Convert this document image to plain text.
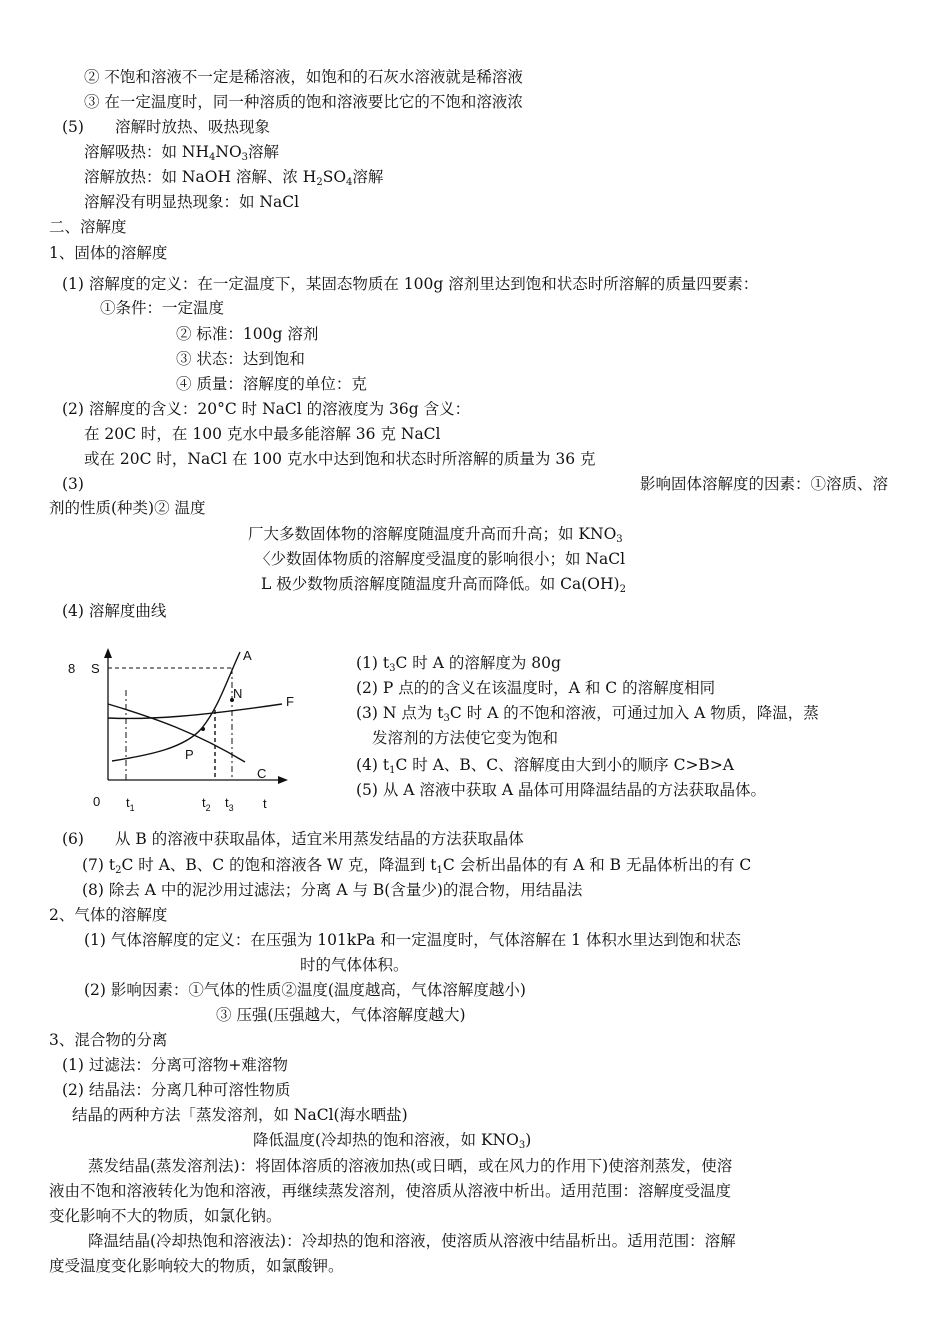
② 不饱和溶液不一定是稀溶液，如饱和的石灰水溶液就是稀溶液
③ 在一定温度时，同一种溶质的饱和溶液要比它的不饱和溶液浓
(5)　　溶解时放热、吸热现象
溶解吸热：如 $NH_4NO_3$溶解
溶解放热：如 NaOH 溶解、浓 $H_2SO_4$溶解
溶解没有明显热现象：如 NaCl
二、溶解度
1、固体的溶解度
(1) 溶解度的定义：在一定温度下，某固态物质在 100g 溶剂里达到饱和状态时所溶解的质量四要素：
①条件：一定温度
② 标准：100g 溶剂
③ 状态：达到饱和
④ 质量：溶解度的单位：克
(2) 溶解度的含义：20°C 时 NaCl 的溶液度为 36g 含义：
在 20C 时，在 100 克水中最多能溶解 36 克 NaCl
或在 20C 时，NaCl 在 100 克水中达到饱和状态时所溶解的质量为 36 克
(3)	影响固体溶解度的因素：①溶质、溶
剂的性质(种类)② 温度
厂大多数固体物的溶解度随温度升高而升高；如 $KNO_3$
〈少数固体物质的溶解度受温度的影响很小；如 NaCl
L 极少数物质溶解度随温度升高而降低。如 $Ca(OH)_2$
(4) 溶解度曲线
8 S
0	t
$t_1$	$t_2$ $t_3$
A
F
C
N
P
(1) $t_3C$ 时 A 的溶解度为 80g
(2) P 点的的含义在该温度时，A 和 C 的溶解度相同
(3) N 点为 $t_3C$ 时 A 的不饱和溶液，可通过加入 A 物质，降温，蒸
发溶剂的方法使它变为饱和
(4) $t_1C$ 时 A、B、C、溶解度由大到小的顺序 C>B>A
(5) 从 A 溶液中获取 A 晶体可用降温结晶的方法获取晶体。
(6)　　从 B 的溶液中获取晶体，适宜米用蒸发结晶的方法获取晶体
(7) $t_2C$ 时 A、B、C 的饱和溶液各 W 克，降温到 $t_1C$ 会析出晶体的有 A 和 B 无晶体析出的有 C
(8) 除去 A 中的泥沙用过滤法；分离 A 与 B(含量少)的混合物，用结晶法
2、气体的溶解度
(1) 气体溶解度的定义：在压强为 101kPa 和一定温度时，气体溶解在 1 体积水里达到饱和状态
时的气体体积。
(2) 影响因素：①气体的性质②温度(温度越高，气体溶解度越小)
③ 压强(压强越大，气体溶解度越大)
3、混合物的分离
(1) 过滤法：分离可溶物+难溶物
(2) 结晶法：分离几种可溶性物质
结晶的两种方法「蒸发溶剂，如 NaCl(海水晒盐)
降低温度(冷却热的饱和溶液，如 $KNO_3$)
蒸发结晶(蒸发溶剂法)：将固体溶质的溶液加热(或日晒，或在风力的作用下)使溶剂蒸发，使溶
液由不饱和溶液转化为饱和溶液，再继续蒸发溶剂，使溶质从溶液中析出。适用范围：溶解度受温度
变化影响不大的物质，如氯化钠。
降温结晶(冷却热饱和溶液法)：冷却热的饱和溶液，使溶质从溶液中结晶析出。适用范围：溶解
度受温度变化影响较大的物质，如氯酸钾。
